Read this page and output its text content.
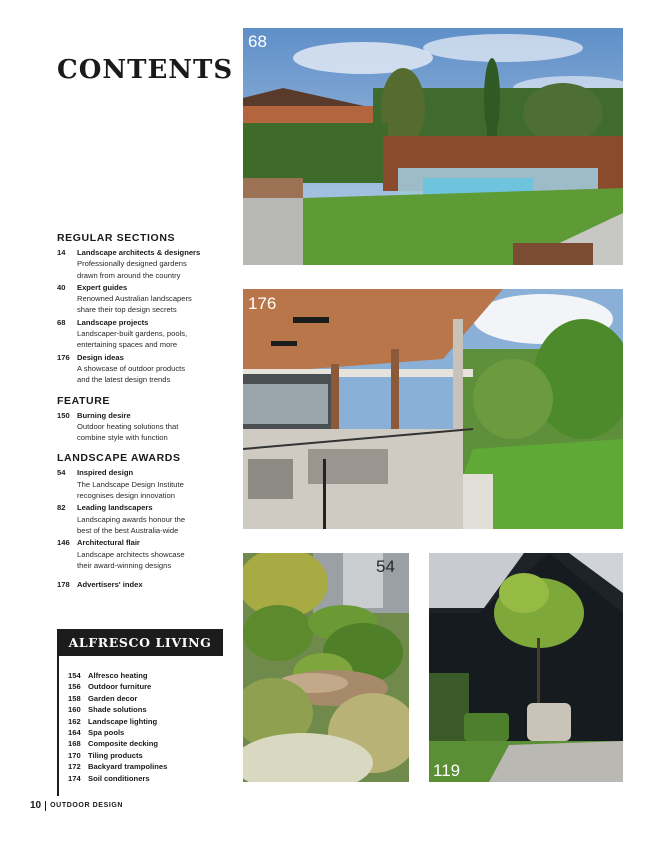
CONTENTS
68
176
54
119
REGULAR SECTIONS
14	Landscape architects & designers
Professionally designed gardens
drawn from around the country
40	Expert guides
Renowned Australian landscapers
share their top design secrets
68	Landscape projects
Landscaper-built gardens, pools,
entertaining spaces and more
176 Design ideas
A showcase of outdoor products
and the latest design trends
FEATURE
150 Burning desire
Outdoor heating solutions that
combine style with function
LANDSCAPE AWARDS
54	Inspired design
The Landscape Design Institute
recognises design innovation
82	Leading landscapers
Landscaping awards honour the
best of the best Australia-wide
146 Architectural flair
Landscape architects showcase
their award-winning designs
178 Advertisers' index
ALFRESCO LIVING
154 Alfresco heating
156 Outdoor furniture
158 Garden decor
160 Shade solutions
162 Landscape lighting
164 Spa pools
168 Composite decking
170 Tiling products
172 Backyard trampolines
174 Soil conditioners
10 OUTDOOR DESIGN
